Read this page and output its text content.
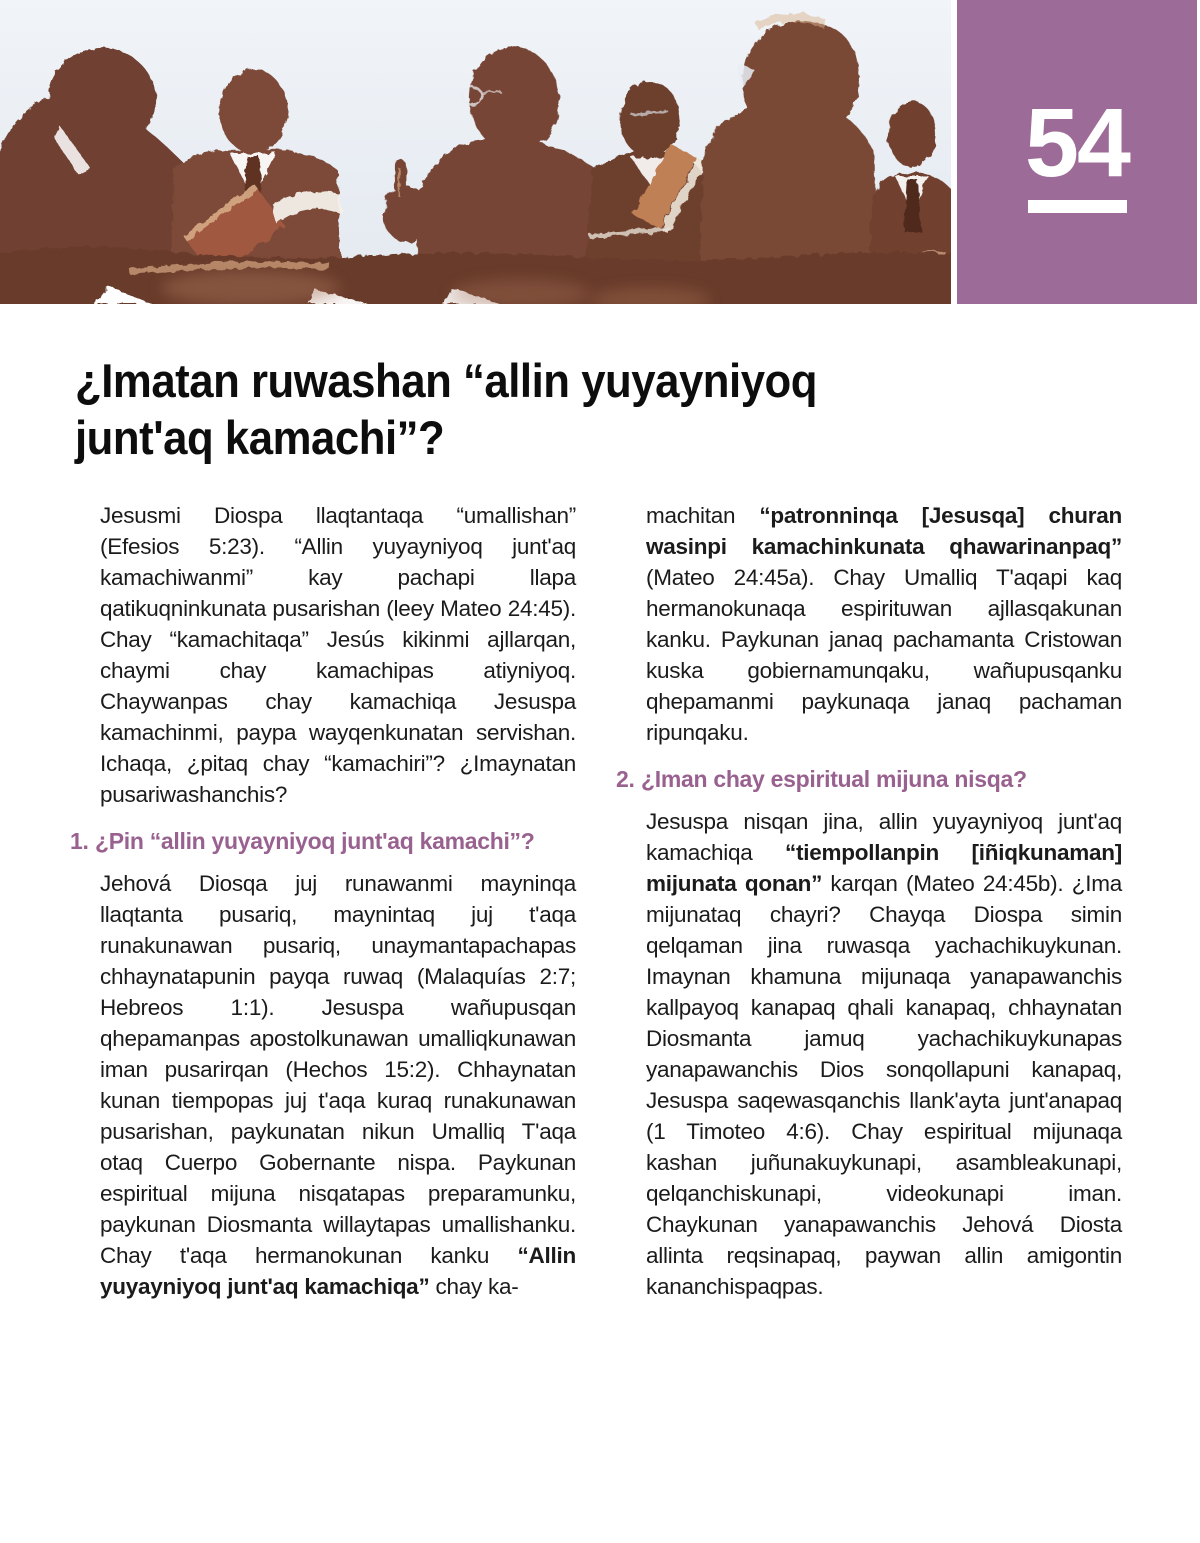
54
¿Imatan ruwashan “allin yuyayniyoq
junt'aq kamachi”?

Jesusmi Diospa llaqtantaqa “umallishan” (Efesios 5:23). “Allin yuyayniyoq junt'aq kamachiwanmi” kay pachapi llapa qatikuqninkunata pusarishan (leey Mateo 24:45). Chay “kamachitaqa” Jesús kikinmi ajllarqan, chaymi chay kamachipas atiyniyoq. Chaywanpas chay kamachiqa Jesuspa kamachinmi, paypa wayqenkunatan servishan. Ichaqa, ¿pitaq chay “kamachiri”? ¿Imaynatan pusariwashanchis?

1. ¿Pin “allin yuyayniyoq junt'aq kamachi”?

Jehová Diosqa juj runawanmi mayninqa llaqtanta pusariq, maynintaq juj t'aqa runakunawan pusariq, unaymantapachapas chhaynatapunin payqa ruwaq (Malaquías 2:7; Hebreos 1:1). Jesuspa wañupusqan qhepamanpas apostolkunawan umalliqkunawan iman pusarirqan (Hechos 15:2). Chhaynatan kunan tiempopas juj t'aqa kuraq runakunawan pusarishan, paykunatan nikun Umalliq T'aqa otaq Cuerpo Gobernante nispa. Paykunan espiritual mijuna nisqatapas preparamunku, paykunan Diosmanta willaytapas umallishanku. Chay t'aqa hermanokunan kanku “Allin yuyayniyoq junt'aq kamachiqa” chay ka-

machitan “patronninqa [Jesusqa] churan wasinpi kamachinkunata qhawarinanpaq” (Mateo 24:45a). Chay Umalliq T'aqapi kaq hermanokunaqa espirituwan ajllasqakunan kanku. Paykunan janaq pachamanta Cristowan kuska gobiernamunqaku, wañupusqanku qhepamanmi paykunaqa janaq pachaman ripunqaku.

2. ¿Iman chay espiritual mijuna nisqa?

Jesuspa nisqan jina, allin yuyayniyoq junt'aq kamachiqa “tiempollanpin [iñiqkunaman] mijunata qonan” karqan (Mateo 24:45b). ¿Ima mijunataq chayri? Chayqa Diospa simin qelqaman jina ruwasqa yachachikuykunan. Imaynan khamuna mijunaqa yanapawanchis kallpayoq kanapaq qhali kanapaq, chhaynatan Diosmanta jamuq yachachikuykunapas yanapawanchis Dios sonqollapuni kanapaq, Jesuspa saqewasqanchis llank'ayta junt'anapaq (1 Timoteo 4:6). Chay espiritual mijunaqa kashan juñunakuykunapi, asambleakunapi, qelqanchiskunapi, videokunapi iman. Chaykunan yanapawanchis Jehová Diosta allinta reqsinapaq, paywan allin amigontin kananchispaqpas.
